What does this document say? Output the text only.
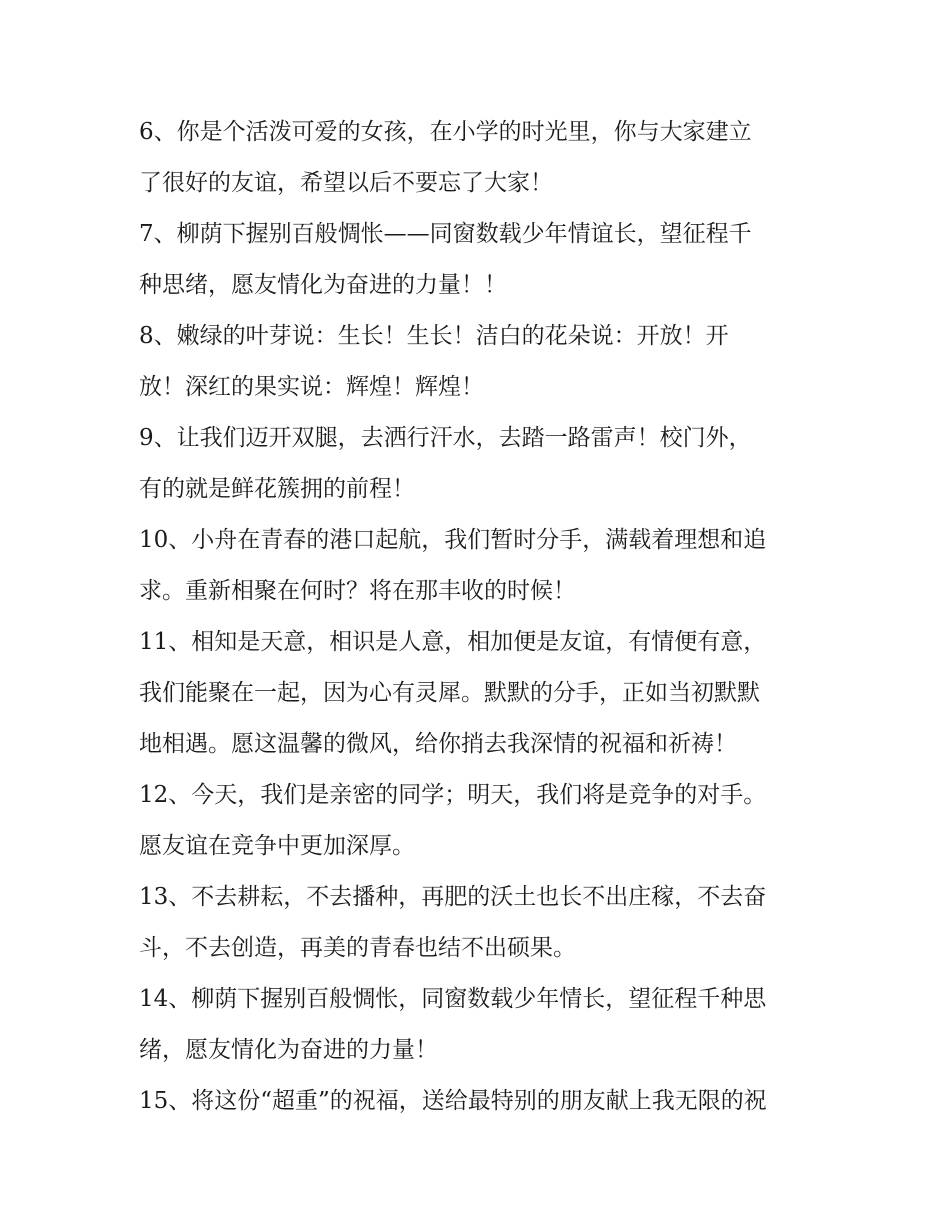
6、你是个活泼可爱的女孩，在小学的时光里，你与大家建立
了很好的友谊，希望以后不要忘了大家！
7、柳荫下握别百般惆怅——同窗数载少年情谊长，望征程千
种思绪，愿友情化为奋进的力量！！
8、嫩绿的叶芽说：生长！生长！洁白的花朵说：开放！开
放！深红的果实说：辉煌！辉煌！
9、让我们迈开双腿，去洒行汗水，去踏一路雷声！校门外，
有的就是鲜花簇拥的前程！
10、小舟在青春的港口起航，我们暂时分手，满载着理想和追
求。重新相聚在何时？将在那丰收的时候！
11、相知是天意，相识是人意，相加便是友谊，有情便有意，
我们能聚在一起，因为心有灵犀。默默的分手，正如当初默默
地相遇。愿这温馨的微风，给你捎去我深情的祝福和祈祷！
12、今天，我们是亲密的同学；明天，我们将是竞争的对手。
愿友谊在竞争中更加深厚。
13、不去耕耘，不去播种，再肥的沃土也长不出庄稼，不去奋
斗，不去创造，再美的青春也结不出硕果。
14、柳荫下握别百般惆怅，同窗数载少年情长，望征程千种思
绪，愿友情化为奋进的力量！
15、将这份“超重”的祝福，送给最特别的朋友献上我无限的祝
